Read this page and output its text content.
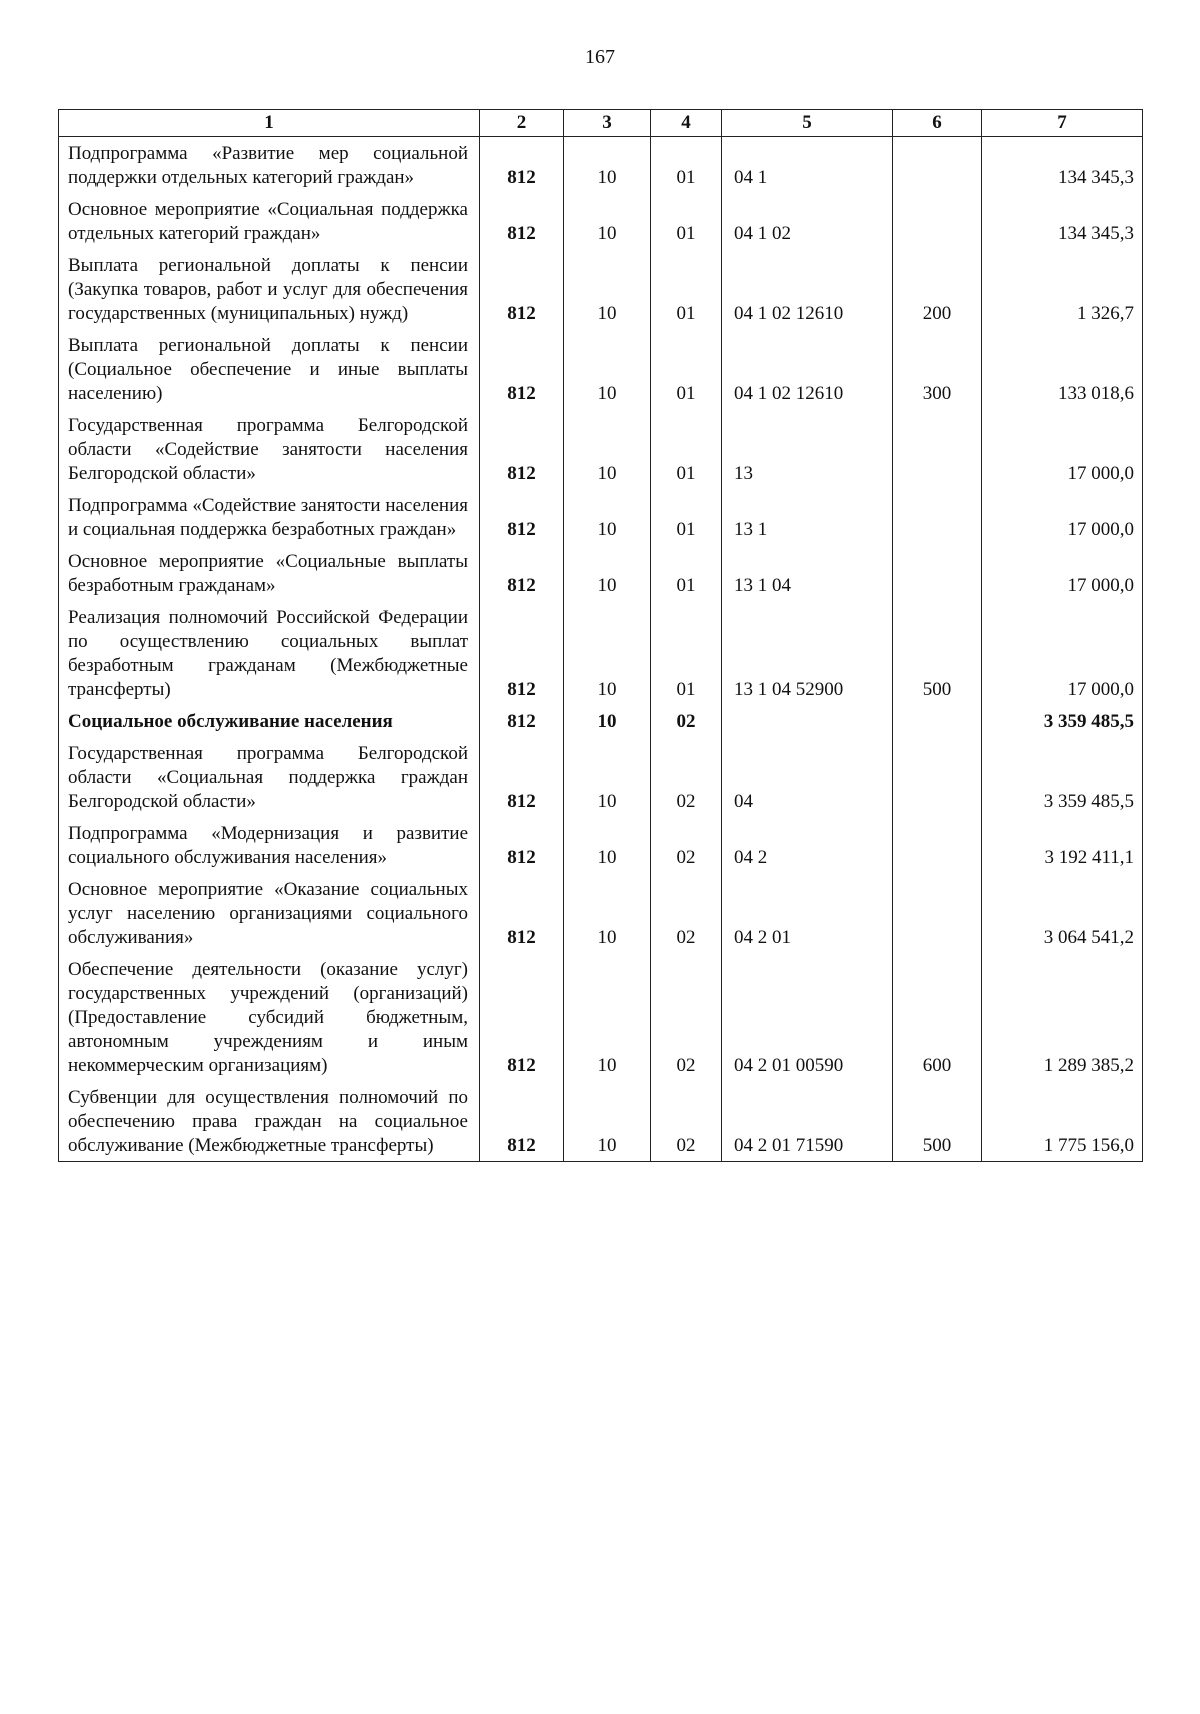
167
1	2	3	4	5	6	7
Подпрограмма «Развитие мер социальной поддержки отдельных категорий граждан»	812	10	01	04 1		134 345,3
Основное мероприятие «Социальная поддержка отдельных категорий граждан»	812	10	01	04 1 02		134 345,3
Выплата региональной доплаты к пенсии (Закупка товаров, работ и услуг для обеспечения государственных (муниципальных) нужд)	812	10	01	04 1 02 12610	200	1 326,7
Выплата региональной доплаты к пенсии (Социальное обеспечение и иные выплаты населению)	812	10	01	04 1 02 12610	300	133 018,6
Государственная программа Белгородской области «Содействие занятости населения Белгородской области»	812	10	01	13		17 000,0
Подпрограмма «Содействие занятости населения и социальная поддержка безработных граждан»	812	10	01	13 1		17 000,0
Основное мероприятие «Социальные выплаты безработным гражданам»	812	10	01	13 1 04		17 000,0
Реализация полномочий Российской Федерации по осуществлению социальных выплат безработным гражданам (Межбюджетные трансферты)	812	10	01	13 1 04 52900	500	17 000,0
Социальное обслуживание населения	812	10	02			3 359 485,5
Государственная программа Белгородской области «Социальная поддержка граждан Белгородской области»	812	10	02	04		3 359 485,5
Подпрограмма «Модернизация и развитие социального обслуживания населения»	812	10	02	04 2		3 192 411,1
Основное мероприятие «Оказание социальных услуг населению организациями социального обслуживания»	812	10	02	04 2 01		3 064 541,2
Обеспечение деятельности (оказание услуг) государственных учреждений (организаций) (Предоставление субсидий бюджетным, автономным учреждениям и иным некоммерческим организациям)	812	10	02	04 2 01 00590	600	1 289 385,2
Субвенции для осуществления полномочий по обеспечению права граждан на социальное обслуживание (Межбюджетные трансферты)	812	10	02	04 2 01 71590	500	1 775 156,0
